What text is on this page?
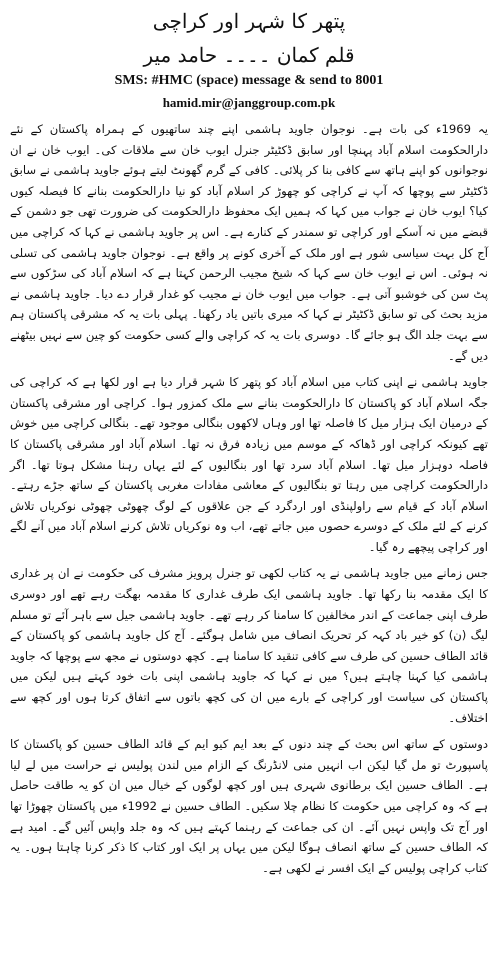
پتھر کا شہر اور کراچی
قلم کمان ۔۔۔۔ حامد میر
SMS: #HMC (space) message & send to 8001
hamid.mir@janggroup.com.pk

یہ 1969ء کی بات ہے۔ نوجوان جاوید ہاشمی اپنے چند ساتھیوں کے ہمراہ پاکستان کے نئے دارالحکومت اسلام آباد پہنچا اور سابق ڈکٹیٹر جنرل ایوب خان سے ملاقات کی۔ ایوب خان نے ان نوجوانوں کو اپنے ہاتھ سے کافی بنا کر پلائی۔ کافی کے گرم گھونٹ لیتے ہوئے جاوید ہاشمی نے سابق ڈکٹیٹر سے پوچھا کہ آپ نے کراچی کو چھوڑ کر اسلام آباد کو نیا دارالحکومت بنانے کا فیصلہ کیوں کیا؟ ایوب خان نے جواب میں کہا کہ ہمیں ایک محفوظ دارالحکومت کی ضرورت تھی جو دشمن کے قبضے میں نہ آسکے اور کراچی تو سمندر کے کنارے ہے۔ اس پر جاوید ہاشمی نے کہا کہ کراچی میں آج کل بہت سیاسی شور ہے اور ملک کے آخری کونے پر واقع ہے۔ نوجوان جاوید ہاشمی کی تسلی نہ ہوئی۔ اس نے ایوب خان سے کہا کہ شیخ مجیب الرحمن کہتا ہے کہ اسلام آباد کی سڑکوں سے پٹ سن کی خوشبو آتی ہے۔ جواب میں ایوب خان نے مجیب کو غدار قرار دے دیا۔ جاوید ہاشمی نے مزید بحث کی تو سابق ڈکٹیٹر نے کہا کہ میری باتیں یاد رکھنا۔ پہلی بات یہ کہ مشرقی پاکستان ہم سے بہت جلد الگ ہو جائے گا۔ دوسری بات یہ کہ کراچی والے کسی حکومت کو چین سے نہیں بیٹھنے دیں گے۔

جاوید ہاشمی نے اپنی کتاب میں اسلام آباد کو پتھر کا شہر قرار دیا ہے اور لکھا ہے کہ کراچی کی جگہ اسلام آباد کو پاکستان کا دارالحکومت بنانے سے ملک کمزور ہوا۔ کراچی اور مشرقی پاکستان کے درمیان ایک ہزار میل کا فاصلہ تھا اور وہاں لاکھوں بنگالی موجود تھے۔ بنگالی کراچی میں خوش تھے کیونکہ کراچی اور ڈھاکہ کے موسم میں زیادہ فرق نہ تھا۔ اسلام آباد اور مشرقی پاکستان کا فاصلہ دوہزار میل تھا۔ اسلام آباد سرد تھا اور بنگالیوں کے لئے یہاں رہنا مشکل ہوتا تھا۔ اگر دارالحکومت کراچی میں رہتا تو بنگالیوں کے معاشی مفادات مغربی پاکستان کے ساتھ جڑے رہتے۔ اسلام آباد کے قیام سے راولپنڈی اور اردگرد کے جن علاقوں کے لوگ چھوٹی چھوٹی نوکریاں تلاش کرنے کے لئے ملک کے دوسرے حصوں میں جاتے تھے، اب وہ نوکریاں تلاش کرنے اسلام آباد میں آنے لگے اور کراچی پیچھے رہ گیا۔

جس زمانے میں جاوید ہاشمی نے یہ کتاب لکھی تو جنرل پرویز مشرف کی حکومت نے ان پر غداری کا ایک مقدمہ بنا رکھا تھا۔ جاوید ہاشمی ایک طرف غداری کا مقدمہ بھگت رہے تھے اور دوسری طرف اپنی جماعت کے اندر مخالفین کا سامنا کر رہے تھے۔ جاوید ہاشمی جیل سے باہر آئے تو مسلم لیگ (ن) کو خیر باد کہہ کر تحریک انصاف میں شامل ہوگئے۔ آج کل جاوید ہاشمی کو پاکستان کے قائد الطاف حسین کی طرف سے کافی تنقید کا سامنا ہے۔ کچھ دوستوں نے مجھ سے پوچھا کہ جاوید ہاشمی کیا کہنا چاہتے ہیں؟ میں نے کہا کہ جاوید ہاشمی اپنی بات خود کہتے ہیں لیکن میں پاکستان کی سیاست اور کراچی کے بارے میں ان کی کچھ باتوں سے اتفاق کرتا ہوں اور کچھ سے اختلاف۔

دوستوں کے ساتھ اس بحث کے چند دنوں کے بعد ایم کیو ایم کے قائد الطاف حسین کو پاکستان کا پاسپورٹ تو مل گیا لیکن اب انہیں منی لانڈرنگ کے الزام میں لندن پولیس نے حراست میں لے لیا ہے۔ الطاف حسین ایک برطانوی شہری ہیں اور کچھ لوگوں کے خیال میں ان کو یہ طاقت حاصل ہے کہ وہ کراچی میں حکومت کا نظام چلا سکیں۔ الطاف حسین نے 1992ء میں پاکستان چھوڑا تھا اور آج تک واپس نہیں آئے۔ ان کی جماعت کے رہنما کہتے ہیں کہ وہ جلد واپس آئیں گے۔ امید ہے کہ الطاف حسین کے ساتھ انصاف ہوگا لیکن میں یہاں پر ایک اور کتاب کا ذکر کرنا چاہتا ہوں۔ یہ کتاب کراچی پولیس کے ایک افسر نے لکھی ہے۔
